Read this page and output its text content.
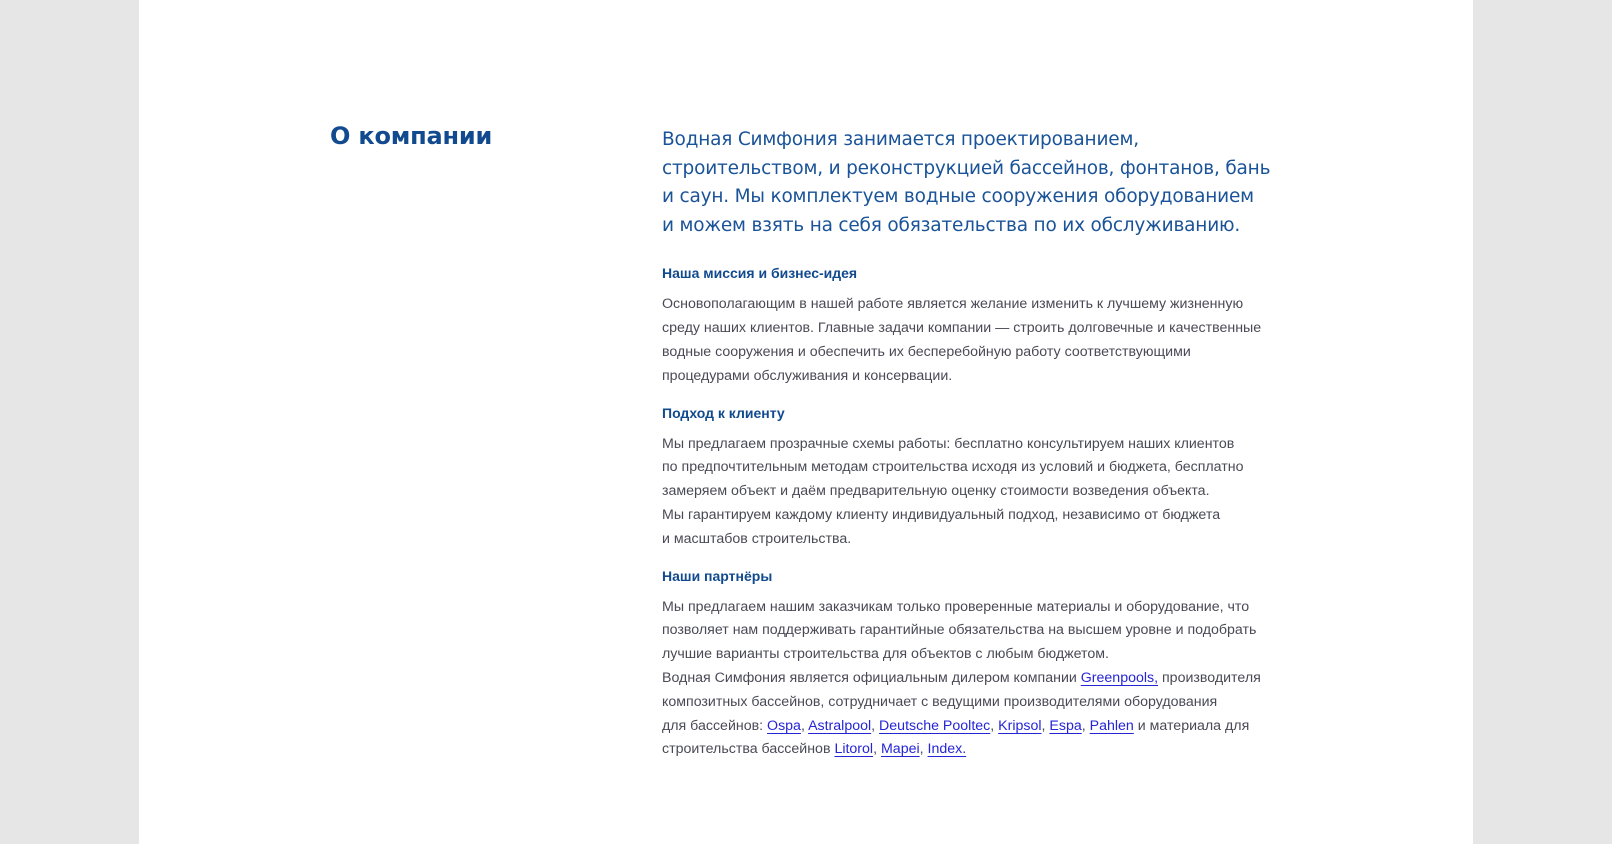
О компании	Водная Симфония занимается проектированием,
строительством, и реконструкцией бассейнов, фонтанов, бань
и саун. Мы комплектуем водные сооружения оборудованием
и можем взять на себя обязательства по их обслуживанию.

Наша миссия и бизнес-идея

Основополагающим в нашей работе является желание изменить к лучшему жизненную
среду наших клиентов. Главные задачи компании — строить долговечные и качественные
водные сооружения и обеспечить их бесперебойную работу соответствующими
процедурами обслуживания и консервации.

Подход к клиенту

Мы предлагаем прозрачные схемы работы: бесплатно консультируем наших клиентов
по предпочтительным методам строительства исходя из условий и бюджета, бесплатно
замеряем объект и даём предварительную оценку стоимости возведения объекта.
Мы гарантируем каждому клиенту индивидуальный подход, независимо от бюджета
и масштабов строительства.

Наши партнёры

Мы предлагаем нашим заказчикам только проверенные материалы и оборудование, что
позволяет нам поддерживать гарантийные обязательства на высшем уровне и подобрать
лучшие варианты строительства для объектов с любым бюджетом.
Водная Симфония является официальным дилером компании Greenpools, производителя
композитных бассейнов, сотрудничает с ведущими производителями оборудования
для бассейнов: Ospa, Astralpool, Deutsche Pooltec, Kripsol, Espa, Pahlen и материала для
строительства бассейнов Litorol, Mapei, Index.
